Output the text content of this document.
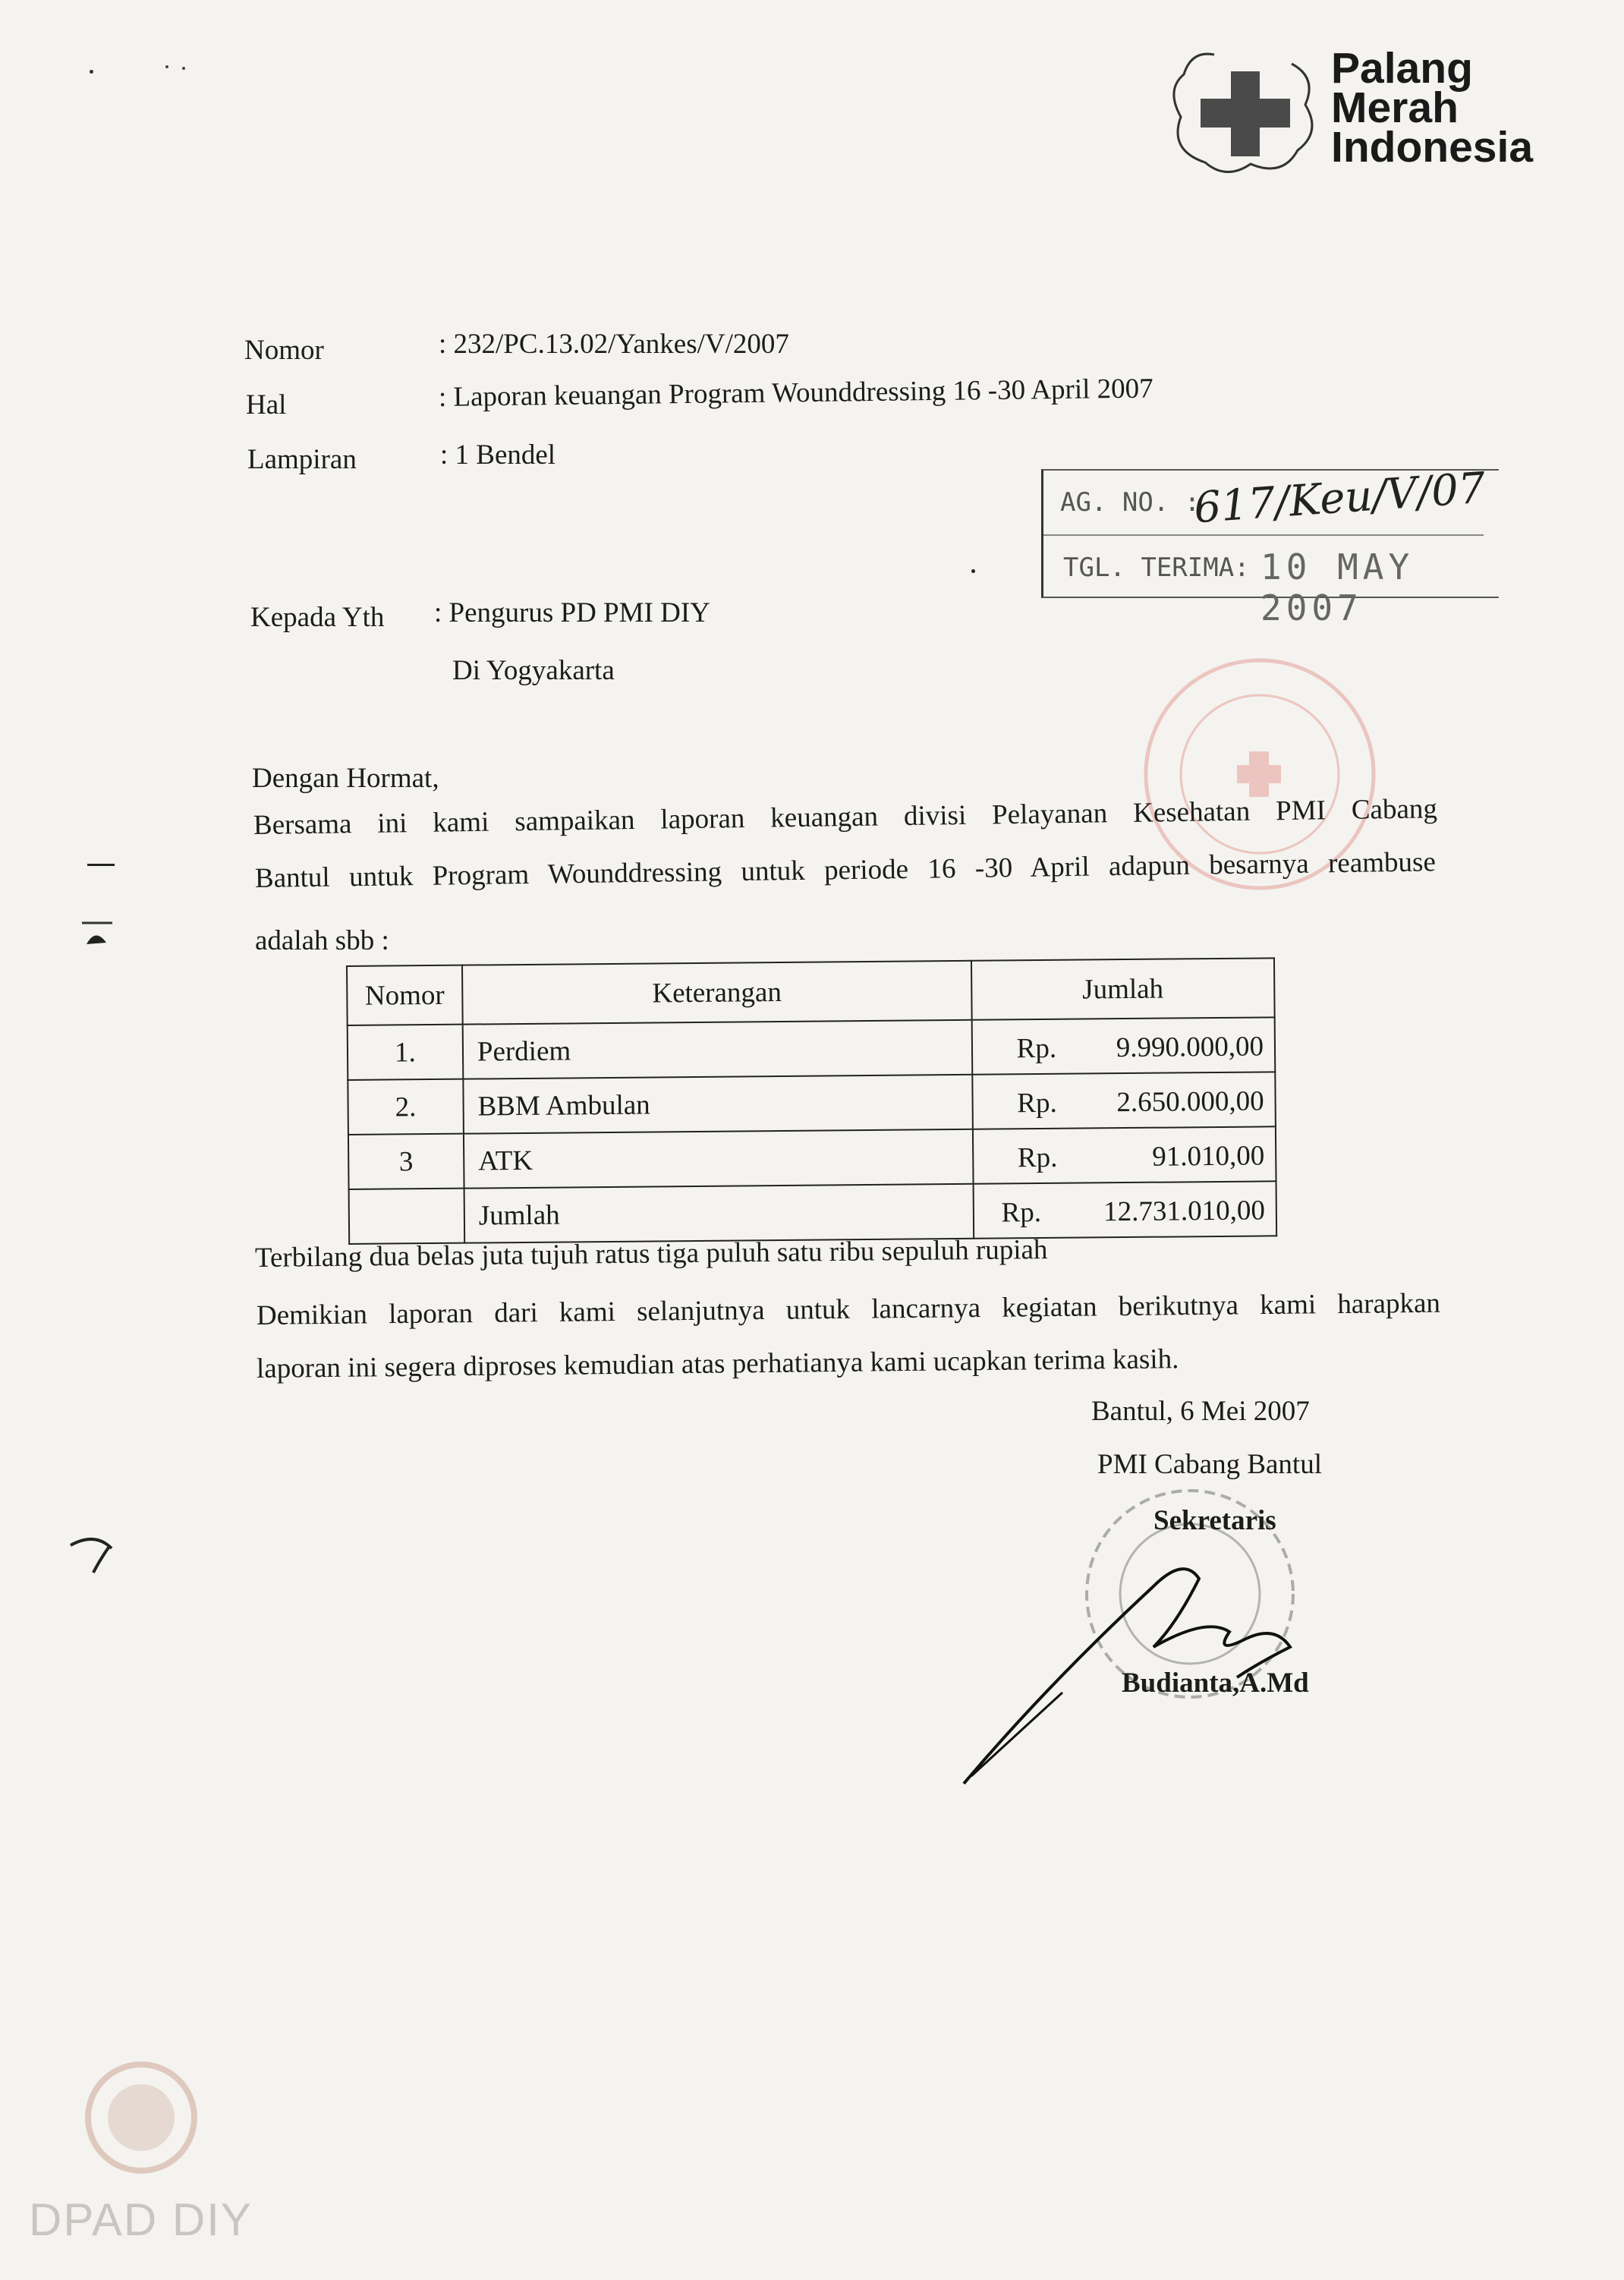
Palang
Merah
Indonesia
Nomor	: 232/PC.13.02/Yankes/V/2007
Hal	: Laporan keuangan Program Wounddressing 16 -30 April 2007
Lampiran	: 1 Bendel
AG. NO. :
617/Keu/V/07
TGL. TERIMA: 10 MAY 2007
Kepada Yth : Pengurus PD PMI DIY
Di Yogyakarta
Dengan Hormat,
Bersama ini kami sampaikan laporan keuangan divisi Pelayanan Kesehatan PMI Cabang
Bantul untuk Program Wounddressing untuk periode 16 -30 April adapun besarnya reambuse
adalah sbb :
Nomor	Keterangan	Jumlah
1.	Perdiem	Rp. 9.990.000,00

2.	BBM Ambulan	Rp. 2.650.000,00

3	ATK	Rp. 91.010,00

	Jumlah	Rp. 12.731.010,00
Terbilang dua belas juta tujuh ratus tiga puluh satu ribu sepuluh rupiah
Demikian laporan dari kami selanjutnya untuk lancarnya kegiatan berikutnya kami harapkan
laporan ini segera diproses kemudian atas perhatianya kami ucapkan terima kasih.
Bantul, 6 Mei 2007
PMI Cabang Bantul
Sekretaris
Budianta,A.Md
DPAD DIY
